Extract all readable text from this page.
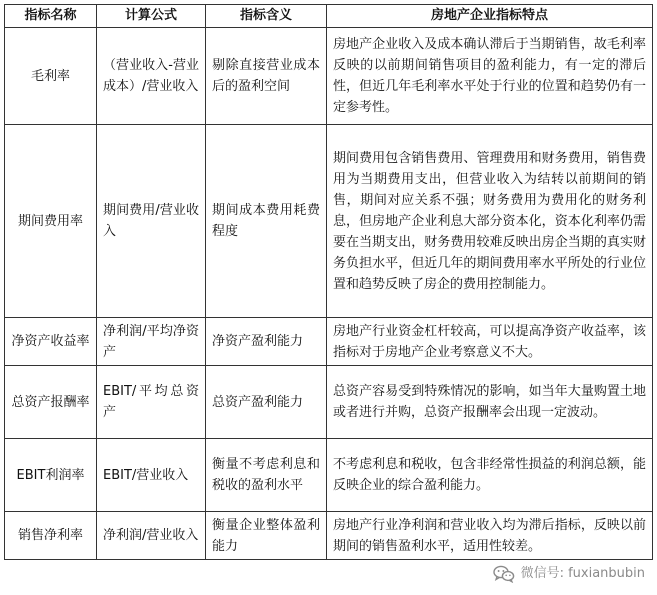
指标名称	计算公式	指标含义	房地产企业指标特点
毛利率	（营业收入-营业成本）/营业收入	剔除直接营业成本后的盈利空间	房地产企业收入及成本确认滞后于当期销售，故毛利率反映的以前期间销售项目的盈利能力，有一定的滞后性，但近几年毛利率水平处于行业的位置和趋势仍有一定参考性。
期间费用率	期间费用/营业收入	期间成本费用耗费程度	期间费用包含销售费用、管理费用和财务费用，销售费用为当期费用支出，但营业收入为结转以前期间的销售，期间对应关系不强；财务费用为费用化的财务利息，但房地产企业利息大部分资本化，资本化利率仍需要在当期支出，财务费用较难反映出房企当期的真实财务负担水平，但近几年的期间费用率水平所处的行业位置和趋势反映了房企的费用控制能力。
净资产收益率	净利润/平均净资产	净资产盈利能力	房地产行业资金杠杆较高，可以提高净资产收益率，该指标对于房地产企业考察意义不大。
总资产报酬率	EBIT/平均总资产	总资产盈利能力	总资产容易受到特殊情况的影响，如当年大量购置土地或者进行并购，总资产报酬率会出现一定波动。
EBIT利润率	EBIT/营业收入	衡量不考虑利息和税收的盈利水平	不考虑利息和税收，包含非经常性损益的利润总额，能反映企业的综合盈利能力。
销售净利率	净利润/营业收入	衡量企业整体盈利能力	房地产行业净利润和营业收入均为滞后指标，反映以前期间的销售盈利水平，适用性较差。
微信号: fuxianbubin
